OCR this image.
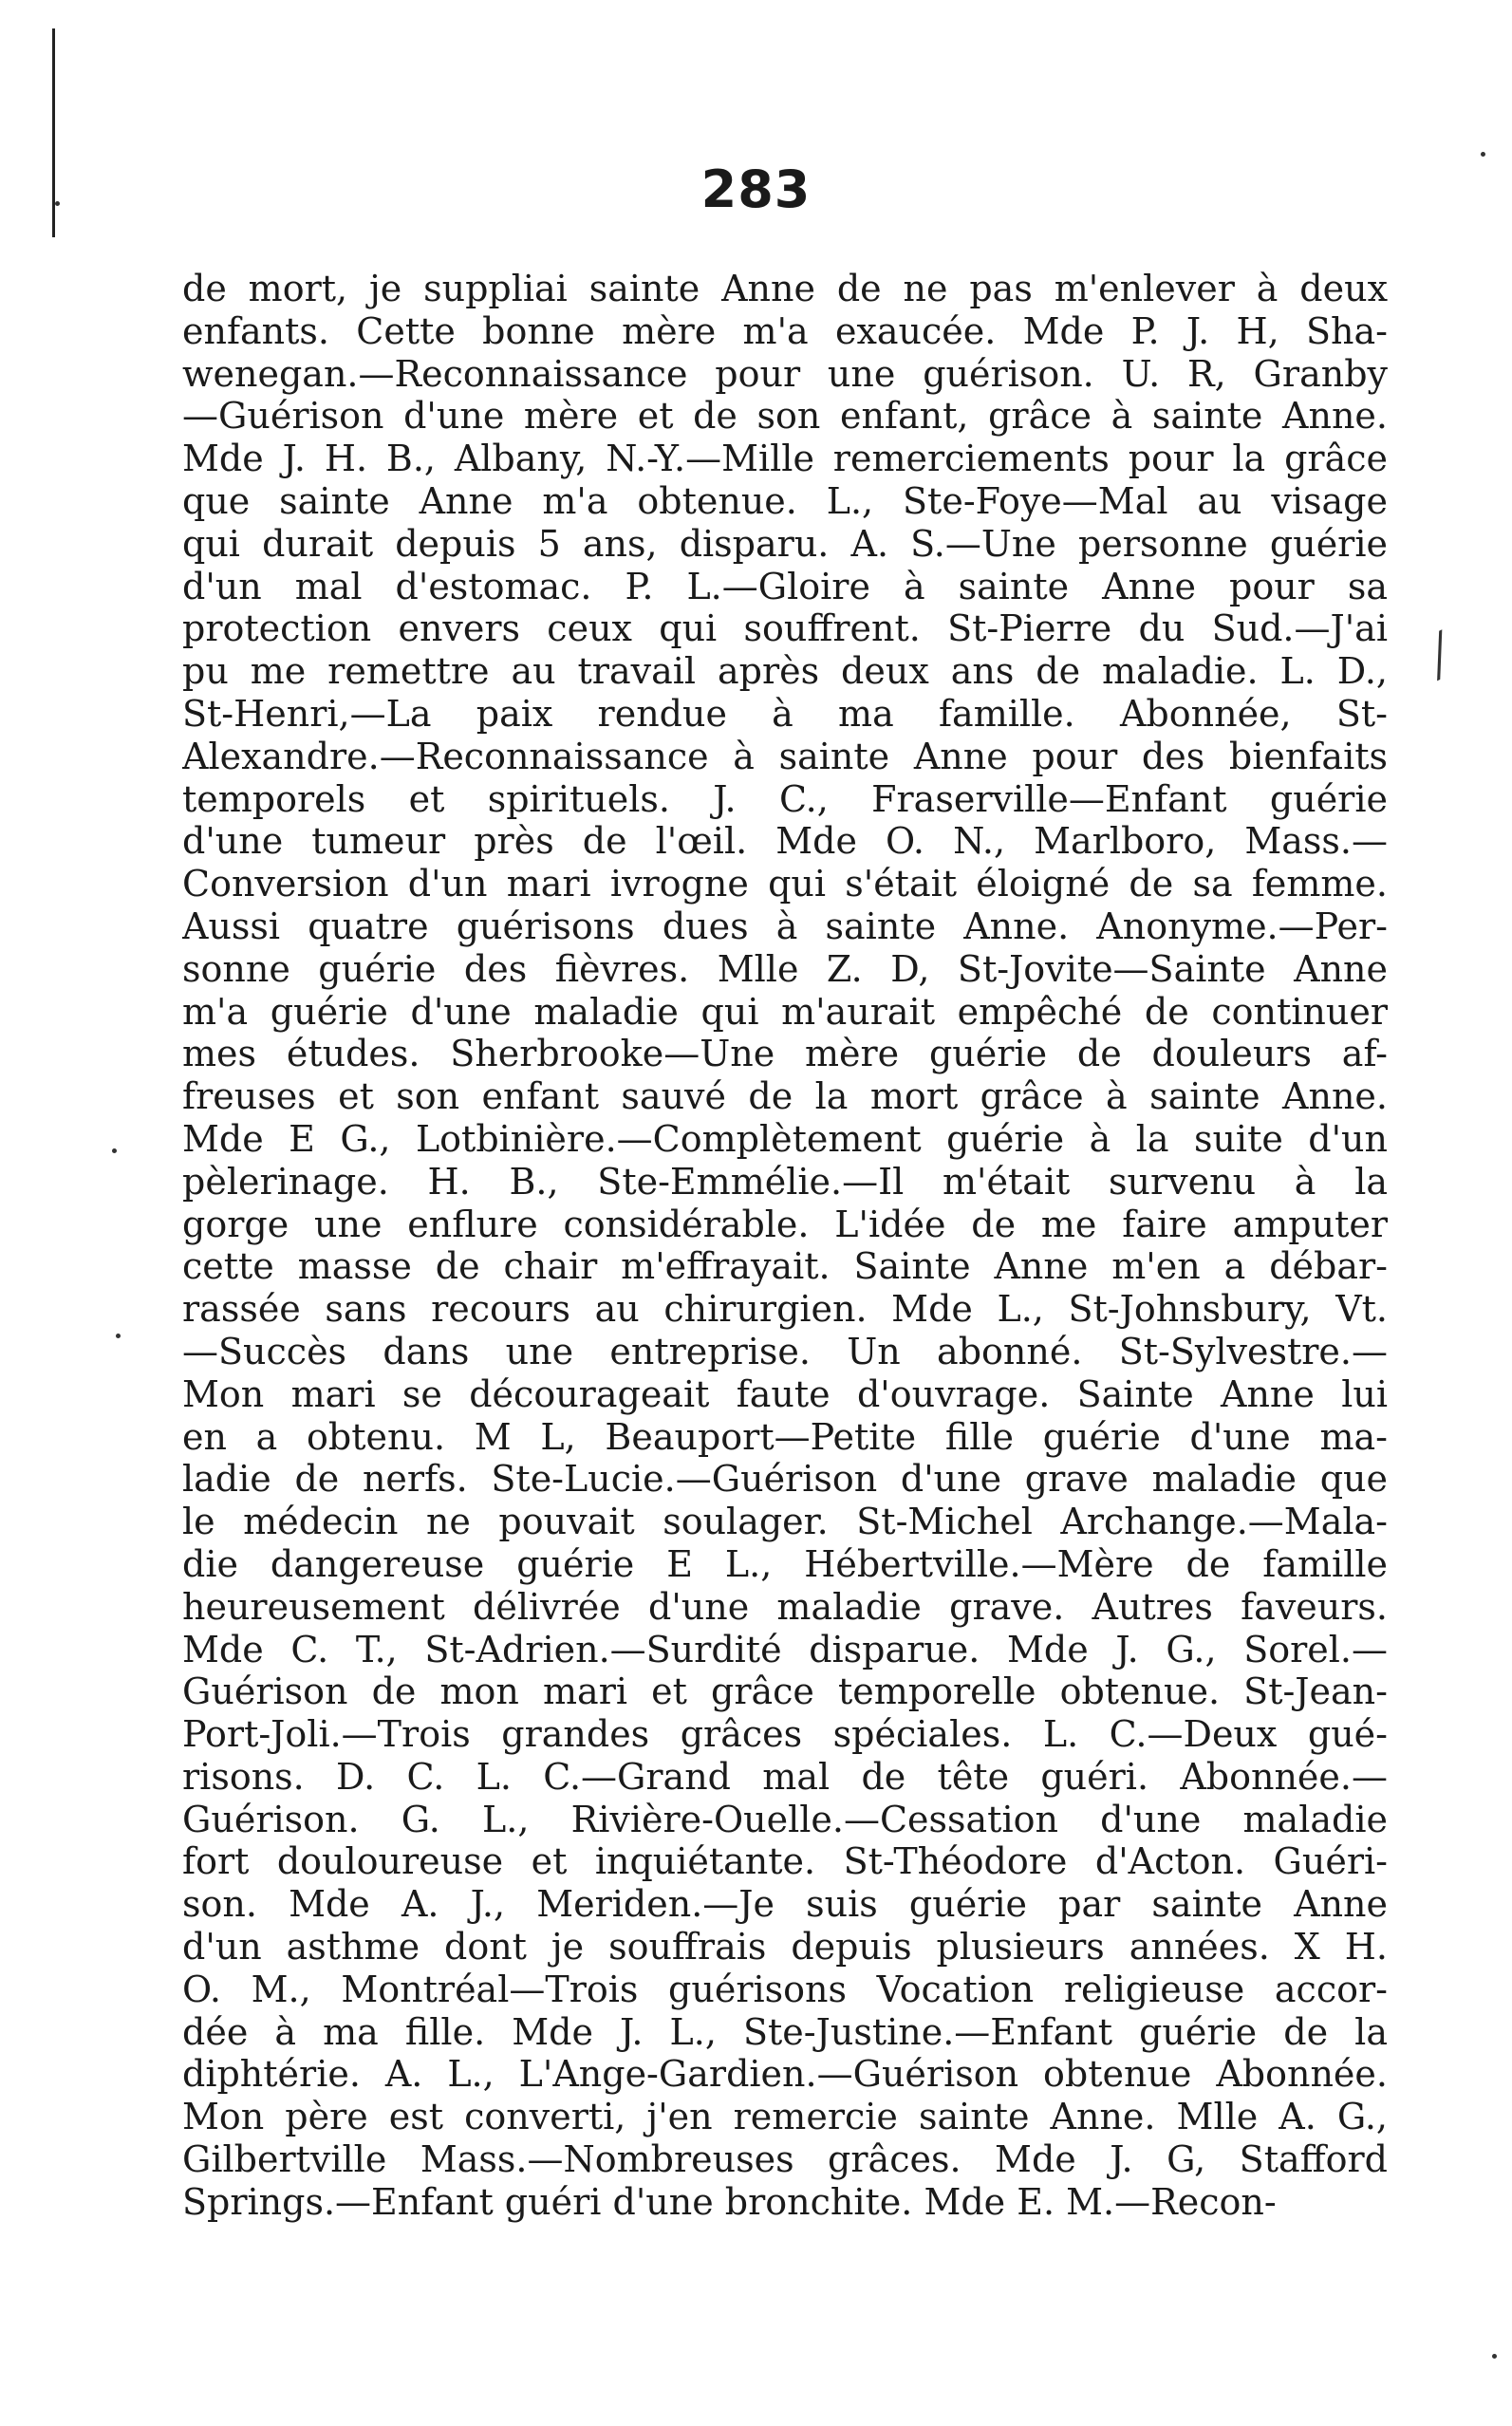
╱
283
de mort, je suppliai sainte Anne de ne pas m'enlever à deux
enfants. Cette bonne mère m'a exaucée. Mde P. J. H, Sha-
wenegan.—Reconnaissance pour une guérison. U. R, Granby
—Guérison d'une mère et de son enfant, grâce à sainte Anne.
Mde J. H. B., Albany, N.-Y.—Mille remerciements pour la grâce
que sainte Anne m'a obtenue. L., Ste-Foye—Mal au visage
qui durait depuis 5 ans, disparu. A. S.—Une personne guérie
d'un mal d'estomac. P. L.—Gloire à sainte Anne pour sa
protection envers ceux qui souffrent. St-Pierre du Sud.—J'ai
pu me remettre au travail après deux ans de maladie. L. D.,
St-Henri,—La paix rendue à ma famille. Abonnée, St-
Alexandre.—Reconnaissance à sainte Anne pour des bienfaits
temporels et spirituels. J. C., Fraserville—Enfant guérie
d'une tumeur près de l'œil. Mde O. N., Marlboro, Mass.—
Conversion d'un mari ivrogne qui s'était éloigné de sa femme.
Aussi quatre guérisons dues à sainte Anne. Anonyme.—Per-
sonne guérie des fièvres. Mlle Z. D, St-Jovite—Sainte Anne
m'a guérie d'une maladie qui m'aurait empêché de continuer
mes études. Sherbrooke—Une mère guérie de douleurs af-
freuses et son enfant sauvé de la mort grâce à sainte Anne.
Mde E G., Lotbinière.—Complètement guérie à la suite d'un
pèlerinage. H. B., Ste-Emmélie.—Il m'était survenu à la
gorge une enflure considérable. L'idée de me faire amputer
cette masse de chair m'effrayait. Sainte Anne m'en a débar-
rassée sans recours au chirurgien. Mde L., St-Johnsbury, Vt.
—Succès dans une entreprise. Un abonné. St-Sylvestre.—
Mon mari se décourageait faute d'ouvrage. Sainte Anne lui
en a obtenu. M L, Beauport—Petite fille guérie d'une ma-
ladie de nerfs. Ste-Lucie.—Guérison d'une grave maladie que
le médecin ne pouvait soulager. St-Michel Archange.—Mala-
die dangereuse guérie E L., Hébertville.—Mère de famille
heureusement délivrée d'une maladie grave. Autres faveurs.
Mde C. T., St-Adrien.—Surdité disparue. Mde J. G., Sorel.—
Guérison de mon mari et grâce temporelle obtenue. St-Jean-
Port-Joli.—Trois grandes grâces spéciales. L. C.—Deux gué-
risons. D. C. L. C.—Grand mal de tête guéri. Abonnée.—
Guérison. G. L., Rivière-Ouelle.—Cessation d'une maladie
fort douloureuse et inquiétante. St-Théodore d'Acton. Guéri-
son. Mde A. J., Meriden.—Je suis guérie par sainte Anne
d'un asthme dont je souffrais depuis plusieurs années. X H.
O. M., Montréal—Trois guérisons Vocation religieuse accor-
dée à ma fille. Mde J. L., Ste-Justine.—Enfant guérie de la
diphtérie. A. L., L'Ange-Gardien.—Guérison obtenue Abonnée.
Mon père est converti, j'en remercie sainte Anne. Mlle A. G.,
Gilbertville Mass.—Nombreuses grâces. Mde J. G, Stafford
Springs.—Enfant guéri d'une bronchite. Mde E. M.—Recon-
